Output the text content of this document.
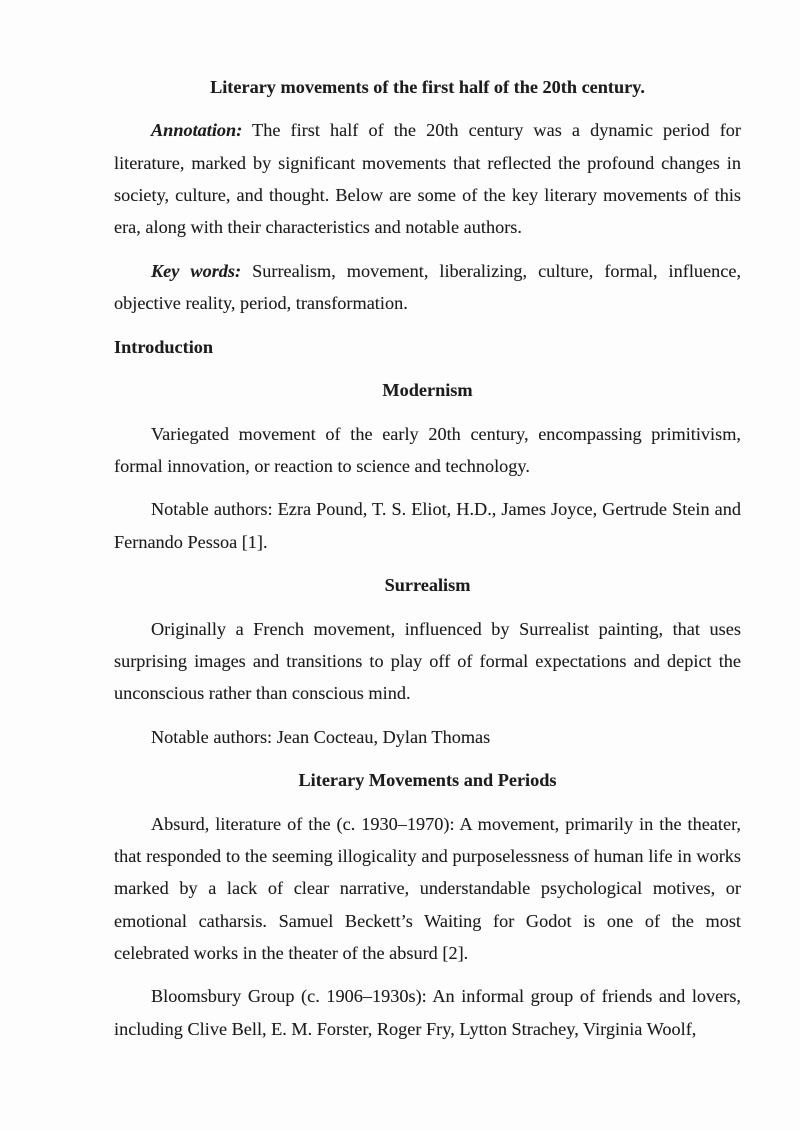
Literary movements of the first half of the 20th century.

Annotation: The first half of the 20th century was a dynamic period for literature, marked by significant movements that reflected the profound changes in society, culture, and thought. Below are some of the key literary movements of this era, along with their characteristics and notable authors.

Key words: Surrealism, movement, liberalizing, culture, formal, influence, objective reality, period, transformation.

Introduction
Modernism

Variegated movement of the early 20th century, encompassing primitivism, formal innovation, or reaction to science and technology.

Notable authors: Ezra Pound, T. S. Eliot, H.D., James Joyce, Gertrude Stein and Fernando Pessoa [1].

Surrealism

Originally a French movement, influenced by Surrealist painting, that uses surprising images and transitions to play off of formal expectations and depict the unconscious rather than conscious mind.

Notable authors: Jean Cocteau, Dylan Thomas

Literary Movements and Periods

Absurd, literature of the (c. 1930–1970): A movement, primarily in the theater, that responded to the seeming illogicality and purposelessness of human life in works marked by a lack of clear narrative, understandable psychological motives, or emotional catharsis. Samuel Beckett’s Waiting for Godot is one of the most celebrated works in the theater of the absurd [2].

Bloomsbury Group (c. 1906–1930s): An informal group of friends and lovers, including Clive Bell, E. M. Forster, Roger Fry, Lytton Strachey, Virginia Woolf,
